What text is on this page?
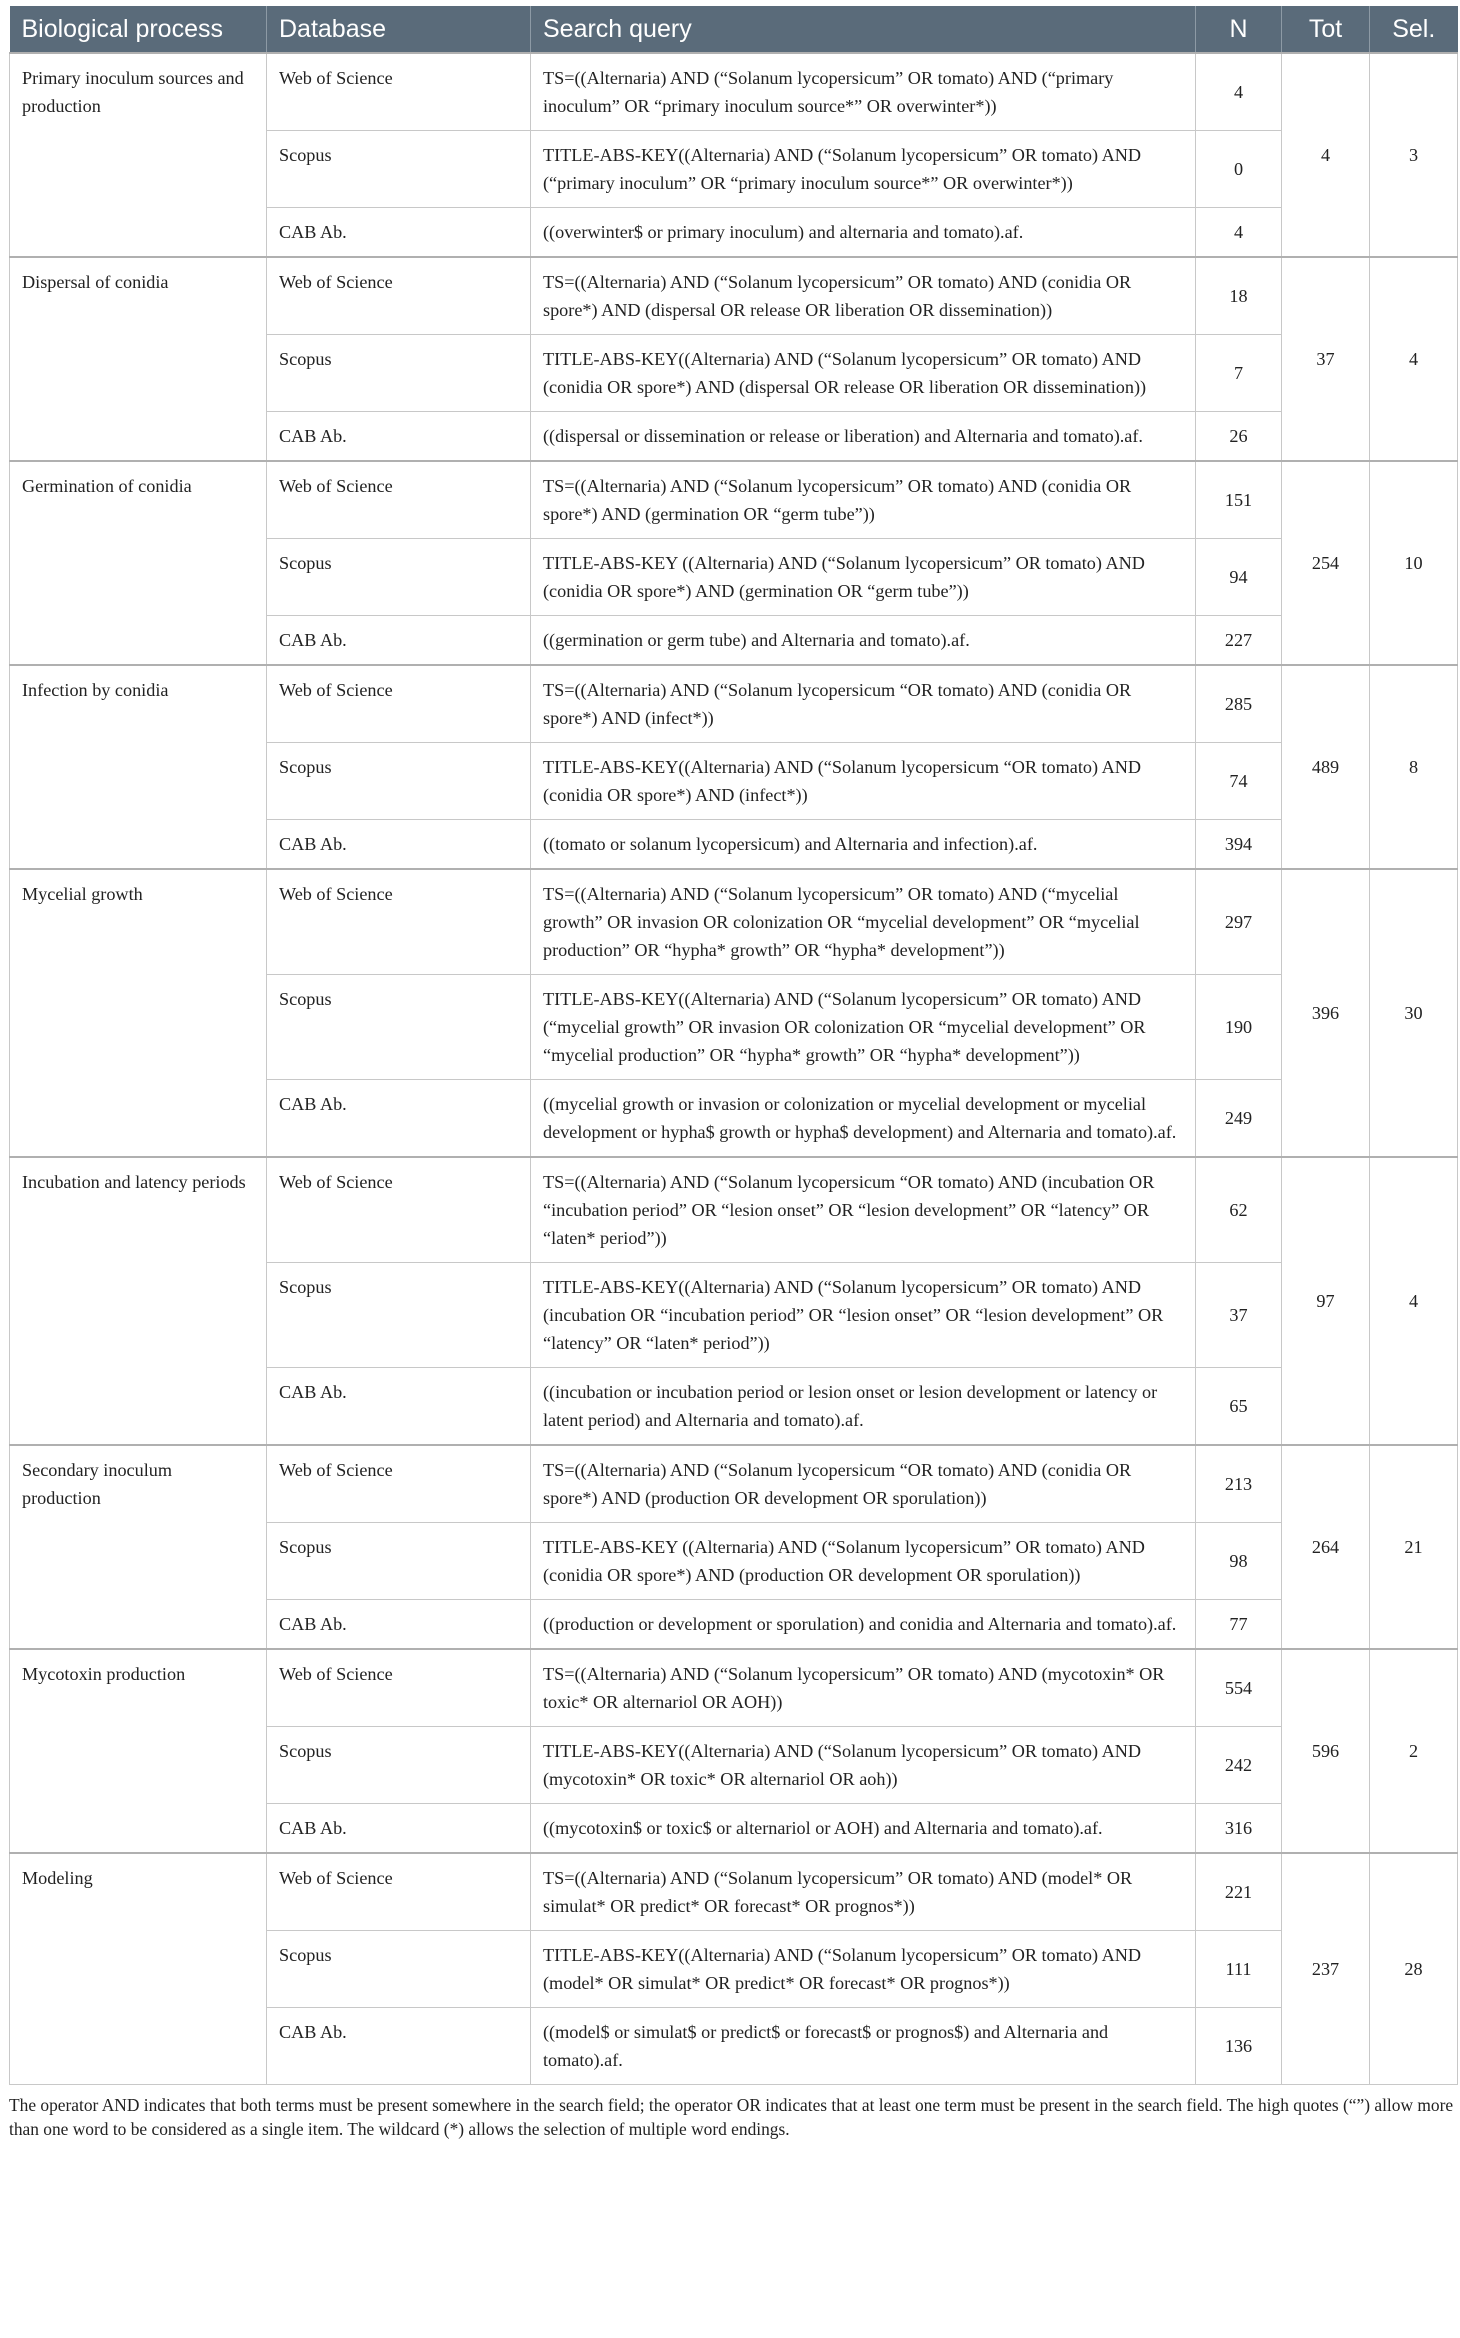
Biological process	Database	Search query	N	Tot	Sel.
Primary inoculum sources and production	Web of Science	TS=((Alternaria) AND (“Solanum lycopersicum” OR tomato) AND (“primary inoculum” OR “primary inoculum source*” OR overwinter*))	4	4	3
	Scopus	TITLE-ABS-KEY((Alternaria) AND (“Solanum lycopersicum” OR tomato) AND (“primary inoculum” OR “primary inoculum source*” OR overwinter*))	0		
	CAB Ab.	((overwinter$ or primary inoculum) and alternaria and tomato).af.	4		
Dispersal of conidia	Web of Science	TS=((Alternaria) AND (“Solanum lycopersicum” OR tomato) AND (conidia OR spore*) AND (dispersal OR release OR liberation OR dissemination))	18	37	4
	Scopus	TITLE-ABS-KEY((Alternaria) AND (“Solanum lycopersicum” OR tomato) AND (conidia OR spore*) AND (dispersal OR release OR liberation OR dissemination))	7		
	CAB Ab.	((dispersal or dissemination or release or liberation) and Alternaria and tomato).af.	26		
Germination of conidia	Web of Science	TS=((Alternaria) AND (“Solanum lycopersicum” OR tomato) AND (conidia OR spore*) AND (germination OR “germ tube”))	151	254	10
	Scopus	TITLE-ABS-KEY ((Alternaria) AND (“Solanum lycopersicum” OR tomato) AND (conidia OR spore*) AND (germination OR “germ tube”))	94		
	CAB Ab.	((germination or germ tube) and Alternaria and tomato).af.	227		
Infection by conidia	Web of Science	TS=((Alternaria) AND (“Solanum lycopersicum “OR tomato) AND (conidia OR spore*) AND (infect*))	285	489	8
	Scopus	TITLE-ABS-KEY((Alternaria) AND (“Solanum lycopersicum “OR tomato) AND (conidia OR spore*) AND (infect*))	74		
	CAB Ab.	((tomato or solanum lycopersicum) and Alternaria and infection).af.	394		
Mycelial growth	Web of Science	TS=((Alternaria) AND (“Solanum lycopersicum” OR tomato) AND (“mycelial growth” OR invasion OR colonization OR “mycelial development” OR “mycelial production” OR “hypha* growth” OR “hypha* development”))	297	396	30
	Scopus	TITLE-ABS-KEY((Alternaria) AND (“Solanum lycopersicum” OR tomato) AND (“mycelial growth” OR invasion OR colonization OR “mycelial development” OR “mycelial production” OR “hypha* growth” OR “hypha* development”))	190		
	CAB Ab.	((mycelial growth or invasion or colonization or mycelial development or mycelial development or hypha$ growth or hypha$ development) and Alternaria and tomato).af.	249		
Incubation and latency periods	Web of Science	TS=((Alternaria) AND (“Solanum lycopersicum “OR tomato) AND (incubation OR “incubation period” OR “lesion onset” OR “lesion development” OR “latency” OR “laten* period”))	62	97	4
	Scopus	TITLE-ABS-KEY((Alternaria) AND (“Solanum lycopersicum” OR tomato) AND (incubation OR “incubation period” OR “lesion onset” OR “lesion development” OR “latency” OR “laten* period”))	37		
	CAB Ab.	((incubation or incubation period or lesion onset or lesion development or latency or latent period) and Alternaria and tomato).af.	65		
Secondary inoculum production	Web of Science	TS=((Alternaria) AND (“Solanum lycopersicum “OR tomato) AND (conidia OR spore*) AND (production OR development OR sporulation))	213	264	21
	Scopus	TITLE-ABS-KEY ((Alternaria) AND (“Solanum lycopersicum” OR tomato) AND (conidia OR spore*) AND (production OR development OR sporulation))	98		
	CAB Ab.	((production or development or sporulation) and conidia and Alternaria and tomato).af.	77		
Mycotoxin production	Web of Science	TS=((Alternaria) AND (“Solanum lycopersicum” OR tomato) AND (mycotoxin* OR toxic* OR alternariol OR AOH))	554	596	2
	Scopus	TITLE-ABS-KEY((Alternaria) AND (“Solanum lycopersicum” OR tomato) AND (mycotoxin* OR toxic* OR alternariol OR aoh))	242		
	CAB Ab.	((mycotoxin$ or toxic$ or alternariol or AOH) and Alternaria and tomato).af.	316		
Modeling	Web of Science	TS=((Alternaria) AND (“Solanum lycopersicum” OR tomato) AND (model* OR simulat* OR predict* OR forecast* OR prognos*))	221	237	28
	Scopus	TITLE-ABS-KEY((Alternaria) AND (“Solanum lycopersicum” OR tomato) AND (model* OR simulat* OR predict* OR forecast* OR prognos*))	111		
	CAB Ab.	((model$ or simulat$ or predict$ or forecast$ or prognos$) and Alternaria and tomato).af.	136		
The operator AND indicates that both terms must be present somewhere in the search field; the operator OR indicates that at least one term must be present in the search field. The high quotes (“”) allow more than one word to be considered as a single item. The wildcard (*) allows the selection of multiple word endings.
